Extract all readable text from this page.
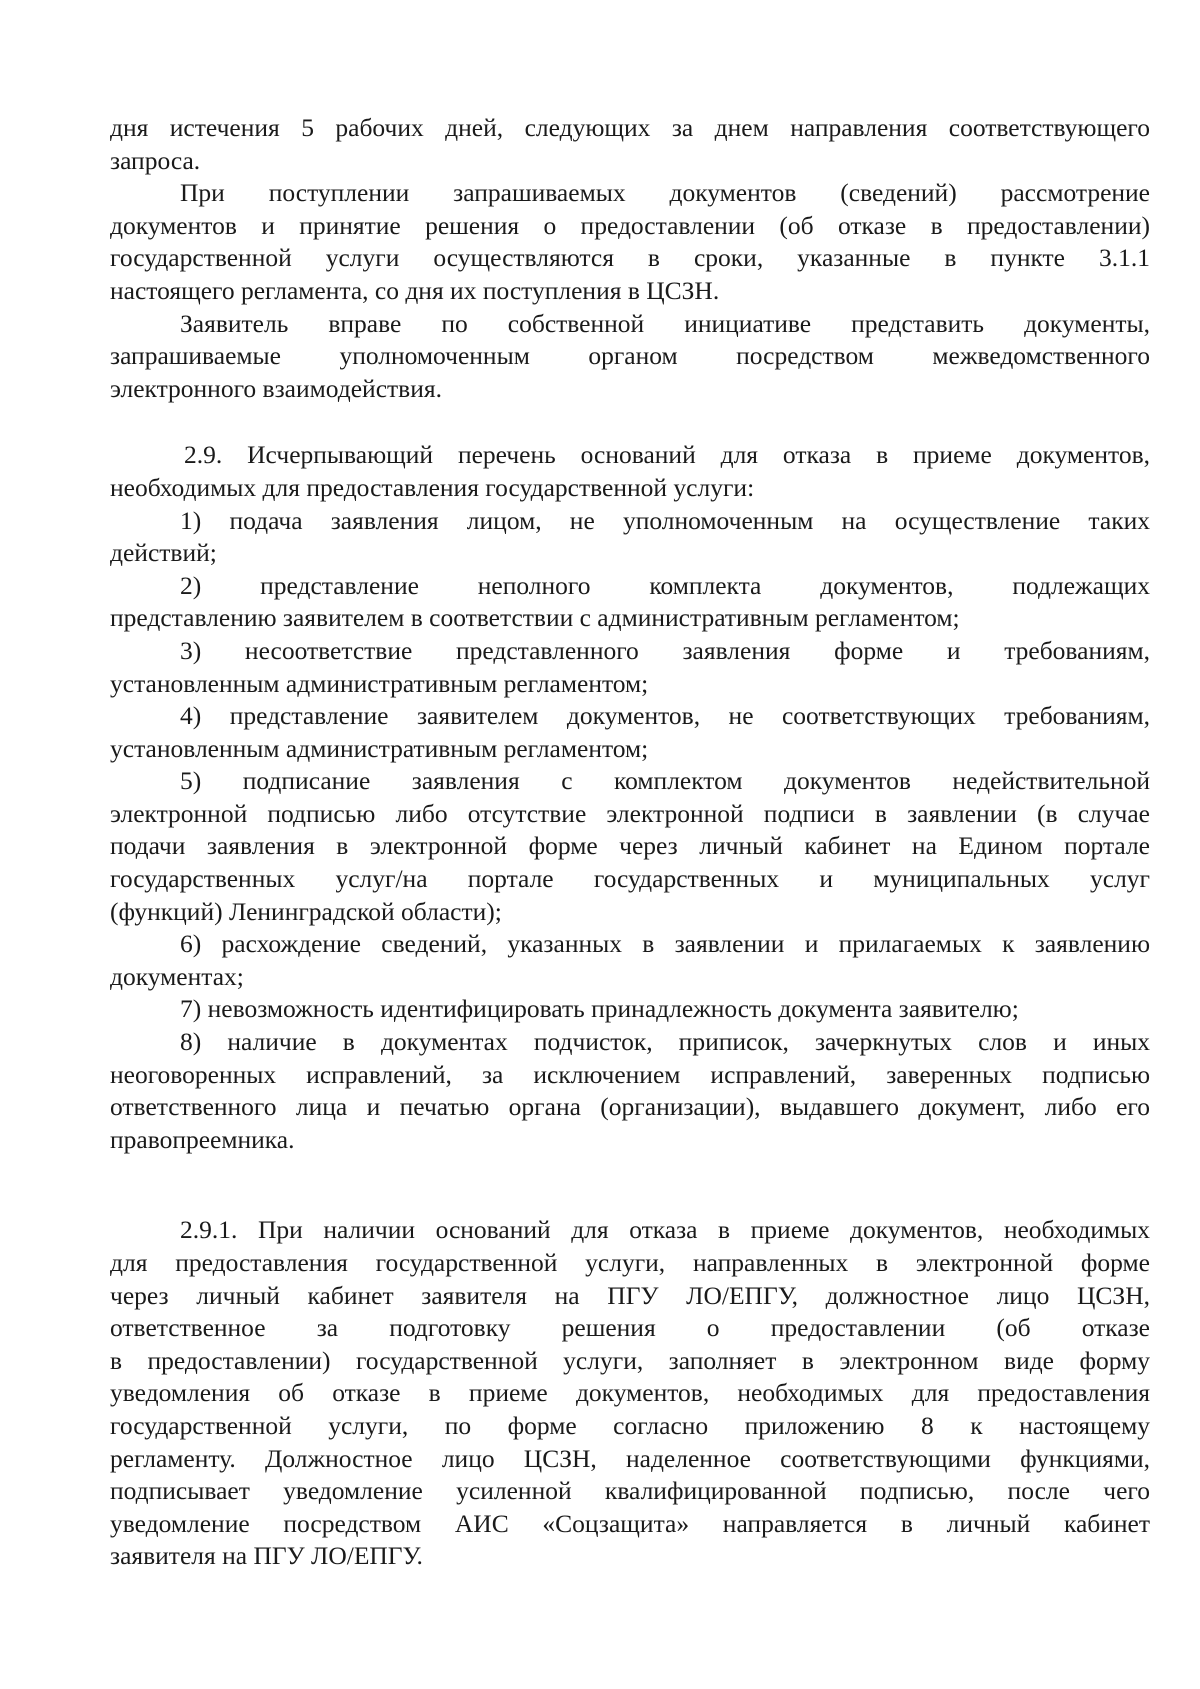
дня истечения 5 рабочих дней, следующих за днем направления соответствующего
запроса.

При поступлении запрашиваемых документов (сведений) рассмотрение
документов и принятие решения о предоставлении (об отказе в предоставлении)
государственной услуги осуществляются в сроки, указанные в пункте 3.1.1
настоящего регламента, со дня их поступления в ЦСЗН.

Заявитель вправе по собственной инициативе представить документы,
запрашиваемые уполномоченным органом посредством межведомственного
электронного взаимодействия.

2.9. Исчерпывающий перечень оснований для отказа в приеме документов,
необходимых для предоставления государственной услуги:

1) подача заявления лицом, не уполномоченным на осуществление таких
действий;

2) представление неполного комплекта документов, подлежащих
представлению заявителем в соответствии с административным регламентом;

3) несоответствие представленного заявления форме и требованиям,
установленным административным регламентом;

4) представление заявителем документов, не соответствующих требованиям,
установленным административным регламентом;

5) подписание заявления с комплектом документов недействительной
электронной подписью либо отсутствие электронной подписи в заявлении (в случае
подачи заявления в электронной форме через личный кабинет на Едином портале
государственных услуг/на портале государственных и муниципальных услуг
(функций) Ленинградской области);

6) расхождение сведений, указанных в заявлении и прилагаемых к заявлению
документах;

7) невозможность идентифицировать принадлежность документа заявителю;

8) наличие в документах подчисток, приписок, зачеркнутых слов и иных
неоговоренных исправлений, за исключением исправлений, заверенных подписью
ответственного лица и печатью органа (организации), выдавшего документ, либо его
правопреемника.

2.9.1. При наличии оснований для отказа в приеме документов, необходимых
для предоставления государственной услуги, направленных в электронной форме
через личный кабинет заявителя на ПГУ ЛО/ЕПГУ, должностное лицо ЦСЗН,
ответственное за подготовку решения о предоставлении (об отказе
в предоставлении) государственной услуги, заполняет в электронном виде форму
уведомления об отказе в приеме документов, необходимых для предоставления
государственной услуги, по форме согласно приложению 8 к настоящему
регламенту. Должностное лицо ЦСЗН, наделенное соответствующими функциями,
подписывает уведомление усиленной квалифицированной подписью, после чего
уведомление посредством АИС «Соцзащита» направляется в личный кабинет
заявителя на ПГУ ЛО/ЕПГУ.
